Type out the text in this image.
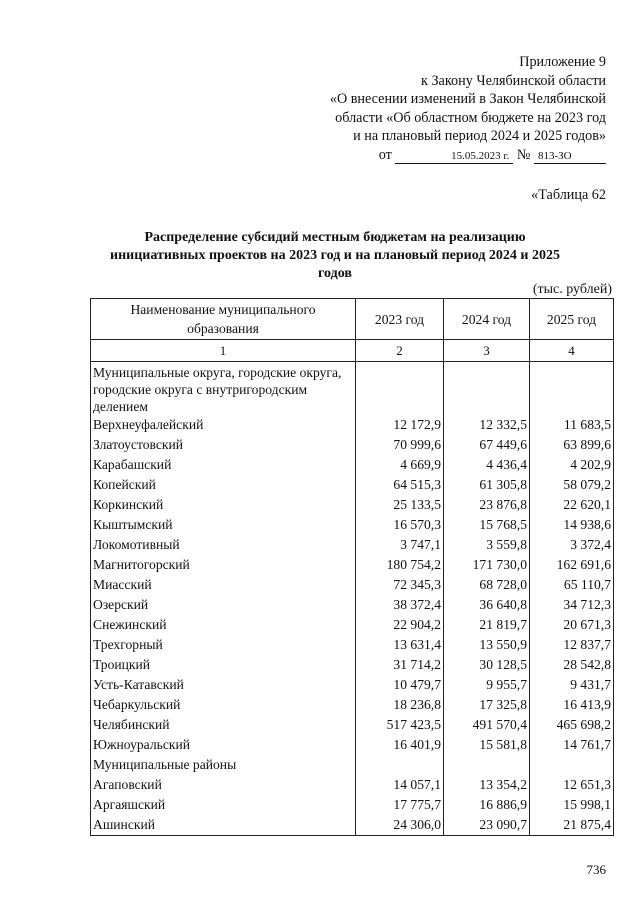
Приложение 9
к Закону Челябинской области
«О внесении изменений в Закон Челябинской
области «Об областном бюджете на 2023 год
и на плановый период 2024 и 2025 годов»
от	15.05.2023 г. № 813-ЗО
«Таблица 62
Распределение субсидий местным бюджетам на реализацию инициативных проектов на 2023 год и на плановый период 2024 и 2025 годов
(тыс. рублей)
Наименование муниципального образования	2023 год	2024 год	2025 год
1	2	3	4
Муниципальные округа, городские округа, городские округа с внутригородским делением			
Верхнеуфалейский	12 172,9	12 332,5	11 683,5
Златоустовский	70 999,6	67 449,6	63 899,6
Карабашский	4 669,9	4 436,4	4 202,9
Копейский	64 515,3	61 305,8	58 079,2
Коркинский	25 133,5	23 876,8	22 620,1
Кыштымский	16 570,3	15 768,5	14 938,6
Локомотивный	3 747,1	3 559,8	3 372,4
Магнитогорский	180 754,2	171 730,0	162 691,6
Миасский	72 345,3	68 728,0	65 110,7
Озерский	38 372,4	36 640,8	34 712,3
Снежинский	22 904,2	21 819,7	20 671,3
Трехгорный	13 631,4	13 550,9	12 837,7
Троицкий	31 714,2	30 128,5	28 542,8
Усть-Катавский	10 479,7	9 955,7	9 431,7
Чебаркульский	18 236,8	17 325,8	16 413,9
Челябинский	517 423,5	491 570,4	465 698,2
Южноуральский	16 401,9	15 581,8	14 761,7
Муниципальные районы			
Агаповский	14 057,1	13 354,2	12 651,3
Аргаяшский	17 775,7	16 886,9	15 998,1
Ашинский	24 306,0	23 090,7	21 875,4
736
